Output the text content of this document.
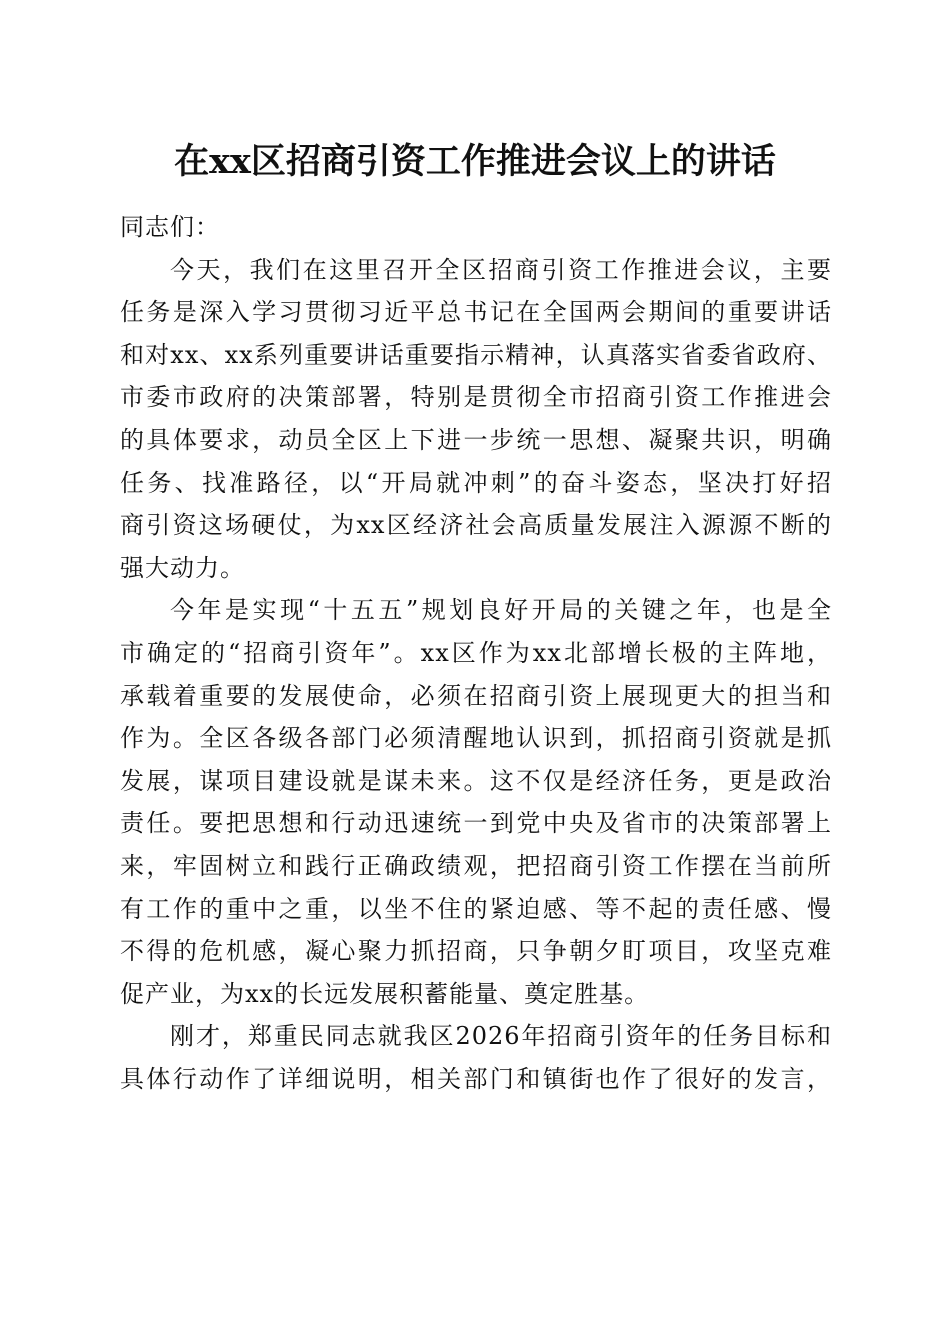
在xx区招商引资工作推进会议上的讲话

同志们：

今天，我们在这里召开全区招商引资工作推进会议，主要
任务是深入学习贯彻习近平总书记在全国两会期间的重要讲话
和对xx、xx系列重要讲话重要指示精神，认真落实省委省政府、
市委市政府的决策部署，特别是贯彻全市招商引资工作推进会
的具体要求，动员全区上下进一步统一思想、凝聚共识，明确
任务、找准路径，以“开局就冲刺”的奋斗姿态，坚决打好招
商引资这场硬仗，为xx区经济社会高质量发展注入源源不断的
强大动力。
今年是实现“十五五”规划良好开局的关键之年，也是全
市确定的“招商引资年”。xx区作为xx北部增长极的主阵地，
承载着重要的发展使命，必须在招商引资上展现更大的担当和
作为。全区各级各部门必须清醒地认识到，抓招商引资就是抓
发展，谋项目建设就是谋未来。这不仅是经济任务，更是政治
责任。要把思想和行动迅速统一到党中央及省市的决策部署上
来，牢固树立和践行正确政绩观，把招商引资工作摆在当前所
有工作的重中之重，以坐不住的紧迫感、等不起的责任感、慢
不得的危机感，凝心聚力抓招商，只争朝夕盯项目，攻坚克难
促产业，为xx的长远发展积蓄能量、奠定胜基。
刚才，郑重民同志就我区2026年招商引资年的任务目标和
具体行动作了详细说明，相关部门和镇街也作了很好的发言，
